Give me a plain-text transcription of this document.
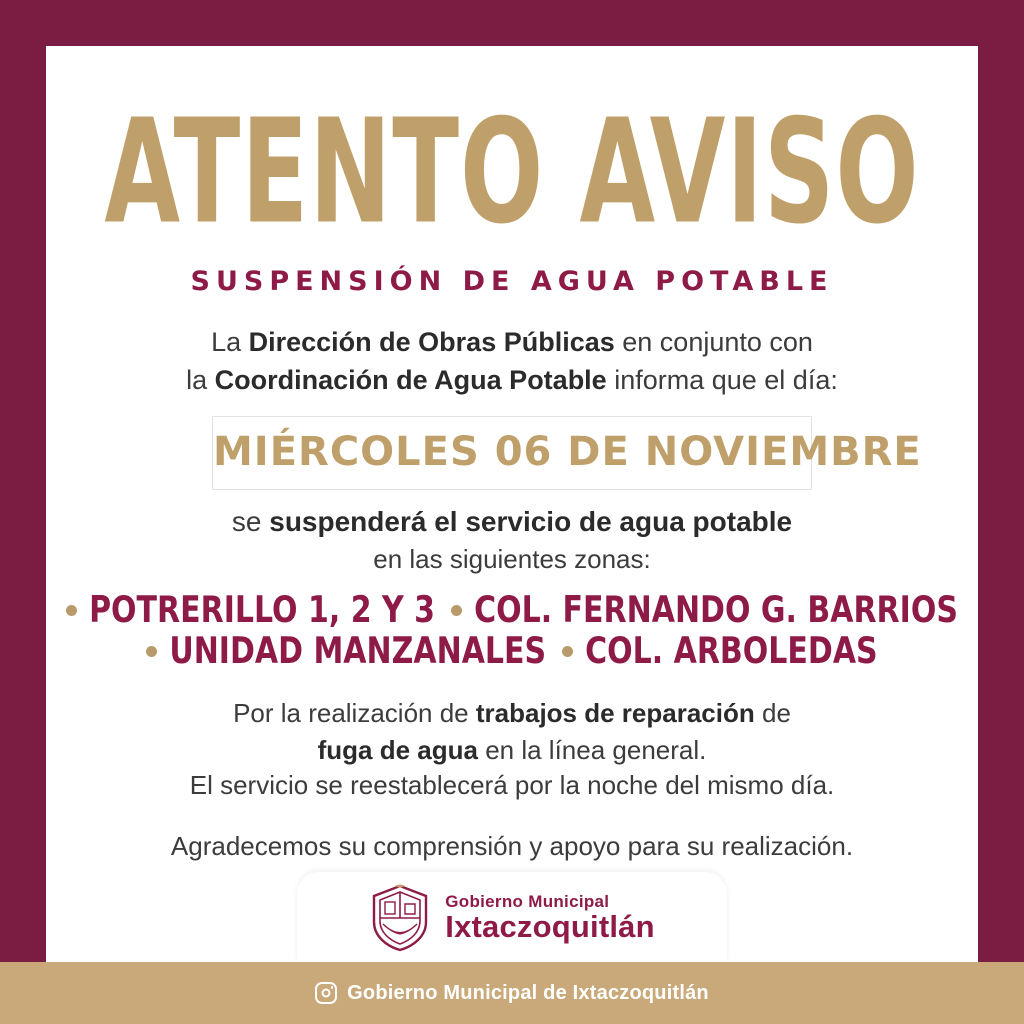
ATENTO AVISO
SUSPENSIÓN DE AGUA POTABLE
La Dirección de Obras Públicas en conjunto con
la Coordinación de Agua Potable informa que el día:
MIÉRCOLES 06 DE NOVIEMBRE
se suspenderá el servicio de agua potable
en las siguientes zonas:
POTRERILLO 1, 2 Y 3 COL. FERNANDO G. BARRIOS
UNIDAD MANZANALES COL. ARBOLEDAS
Por la realización de trabajos de reparación de
fuga de agua en la línea general.
El servicio se reestablecerá por la noche del mismo día.
Agradecemos su comprensión y apoyo para su realización.
Gobierno Municipal
Ixtaczoquitlán
Gobierno Municipal de Ixtaczoquitlán
